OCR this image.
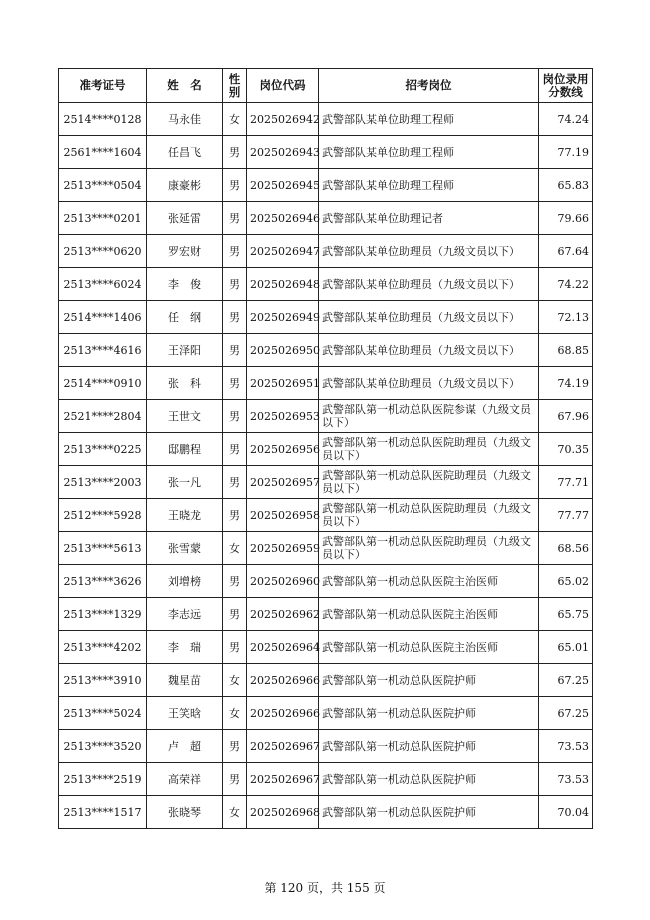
准考证号	姓　名	性别	岗位代码	招考岗位	岗位录用分数线
2514****0128	马永佳	女	2025026942	武警部队某单位助理工程师	74.24
2561****1604	任昌飞	男	2025026943	武警部队某单位助理工程师	77.19
2513****0504	康豪彬	男	2025026945	武警部队某单位助理工程师	65.83
2513****0201	张延雷	男	2025026946	武警部队某单位助理记者	79.66
2513****0620	罗宏财	男	2025026947	武警部队某单位助理员（九级文员以下）	67.64
2513****6024	李　俊	男	2025026948	武警部队某单位助理员（九级文员以下）	74.22
2514****1406	任　纲	男	2025026949	武警部队某单位助理员（九级文员以下）	72.13
2513****4616	王泽阳	男	2025026950	武警部队某单位助理员（九级文员以下）	68.85
2514****0910	张　科	男	2025026951	武警部队某单位助理员（九级文员以下）	74.19
2521****2804	王世文	男	2025026953	武警部队第一机动总队医院参谋（九级文员以下）	67.96
2513****0225	邸鹏程	男	2025026956	武警部队第一机动总队医院助理员（九级文员以下）	70.35
2513****2003	张一凡	男	2025026957	武警部队第一机动总队医院助理员（九级文员以下）	77.71
2512****5928	王晓龙	男	2025026958	武警部队第一机动总队医院助理员（九级文员以下）	77.77
2513****5613	张雪蒙	女	2025026959	武警部队第一机动总队医院助理员（九级文员以下）	68.56
2513****3626	刘增榜	男	2025026960	武警部队第一机动总队医院主治医师	65.02
2513****1329	李志远	男	2025026962	武警部队第一机动总队医院主治医师	65.75
2513****4202	李　瑞	男	2025026964	武警部队第一机动总队医院主治医师	65.01
2513****3910	魏星苗	女	2025026966	武警部队第一机动总队医院护师	67.25
2513****5024	王笑晗	女	2025026966	武警部队第一机动总队医院护师	67.25
2513****3520	卢　超	男	2025026967	武警部队第一机动总队医院护师	73.53
2513****2519	高荣祥	男	2025026967	武警部队第一机动总队医院护师	73.53
2513****1517	张晓琴	女	2025026968	武警部队第一机动总队医院护师	70.04
第 120 页，共 155 页
